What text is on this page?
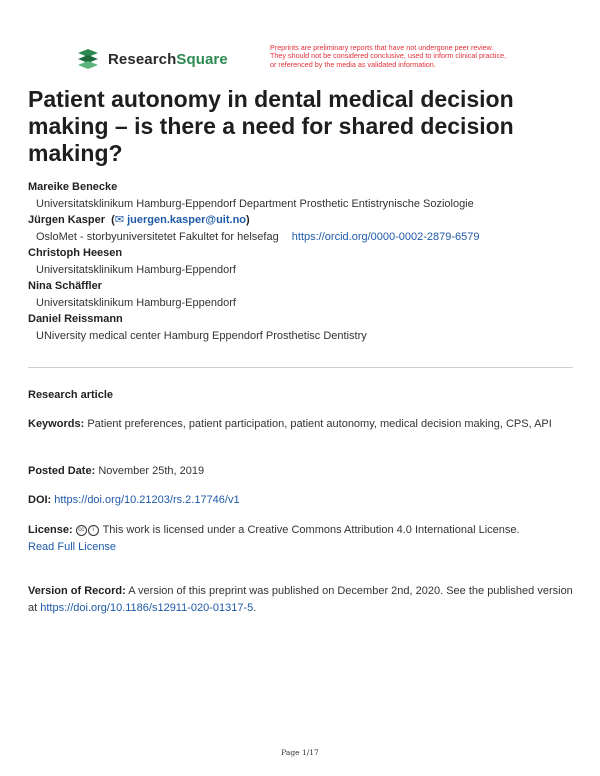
ResearchSquare
Preprints are preliminary reports that have not undergone peer review.
They should not be considered conclusive, used to inform clinical practice,
or referenced by the media as validated information.
Patient autonomy in dental medical decision making – is there a need for shared decision making?
Mareike Benecke
Universitatsklinikum Hamburg-Eppendorf Department Prosthetic Entistrynische Soziologie
Jürgen Kasper  (✉ juergen.kasper@uit.no)
OsloMet - storbyuniversitetet Fakultet for helsefag https://orcid.org/0000-0002-2879-6579
Christoph Heesen
Universitatsklinikum Hamburg-Eppendorf
Nina Schäffler
Universitatsklinikum Hamburg-Eppendorf
Daniel Reissmann
UNiversity medical center Hamburg Eppendorf Prosthetisc Dentistry
Research article
Keywords: Patient preferences, patient participation, patient autonomy, medical decision making, CPS, API
Posted Date: November 25th, 2019
DOI: https://doi.org/10.21203/rs.2.17746/v1
License: cc i This work is licensed under a Creative Commons Attribution 4.0 International License.
Read Full License
Version of Record: A version of this preprint was published on December 2nd, 2020. See the published version at https://doi.org/10.1186/s12911-020-01317-5.
Page 1/17
